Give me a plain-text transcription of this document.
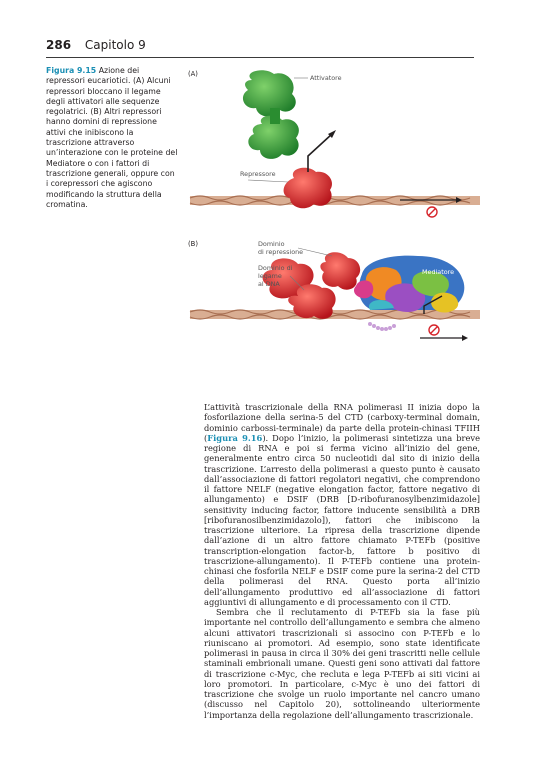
286 Capitolo 9
Figura 9.15 Azione dei repressori eucariotici. (A) Alcuni repressori bloccano il legame degli attivatori alle sequenze regolatrici. (B) Altri repressori hanno domini di repressione attivi che inibiscono la trascrizione attraverso un’interazione con le proteine del Mediatore o con i fattori di trascrizione generali, oppure con i corepressori che agiscono modificando la struttura della cromatina.
(A)	Attivatore
Repressore
(B)	Dominio
di repressione
Dominio di
legame
al DNA
Mediatore

L’attività trascrizionale della RNA polimerasi II inizia dopo la fosforilazione della serina-5 del CTD (carboxy-terminal domain, dominio carbossi-terminale) da parte della protein-chinasi TFIIH (Figura 9.16). Dopo l’inizio, la polimerasi sintetizza una breve regione di RNA e poi si ferma vicino all’inizio del gene, generalmente entro circa 50 nucleotidi dal sito di inizio della trascrizione. L’arresto della polimerasi a questo punto è causato dall’associazione di fattori regolatori negativi, che comprendono il fattore NELF (negative elongation factor, fattore negativo di allungamento) e DSIF (DRB [D-ribofuranosylbenzimidazole] sensitivity inducing factor, fattore inducente sensibilità a DRB [ribofuranosilbenzimidazolo]), fattori che inibiscono la trascrizione ulteriore. La ripresa della trascrizione dipende dall’azione di un altro fattore chiamato P-TEFb (positive transcription-elongation factor-b, fattore b positivo di trascrizione-allungamento). Il P-TEFb contiene una protein-chinasi che fosforila NELF e DSIF come pure la serina-2 del CTD della polimerasi del RNA. Questo porta all’inizio dell’allungamento produttivo ed all’associazione di fattori aggiuntivi di allungamento e di processamento con il CTD.

Sembra che il reclutamento di P-TEFb sia la fase più importante nel controllo dell’allungamento e sembra che almeno alcuni attivatori trascrizionali si associno con P-TEFb e lo riuniscano ai promotori. Ad esempio, sono state identificate polimerasi in pausa in circa il 30% dei geni trascritti nelle cellule staminali embrionali umane. Questi geni sono attivati dal fattore di trascrizione c-Myc, che recluta e lega P-TEFb ai siti vicini ai loro promotori. In particolare, c-Myc è uno dei fattori di trascrizione che svolge un ruolo importante nel cancro umano (discusso nel Capitolo 20), sottolineando ulteriormente l’importanza della regolazione dell’allungamento trascrizionale.
